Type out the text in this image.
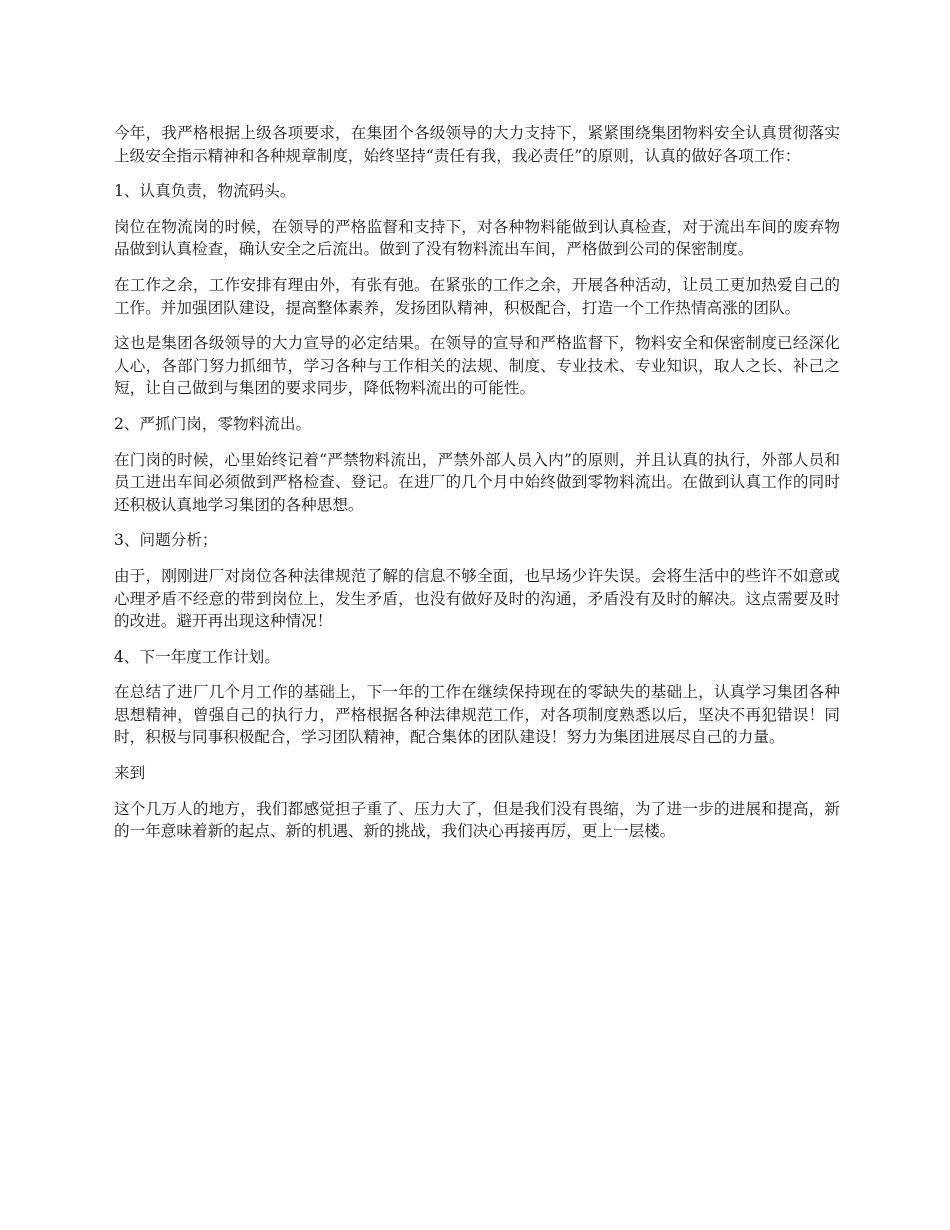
今年，我严格根据上级各项要求，在集团个各级领导的大力支持下，紧紧围绕集团物料安全认真贯彻落实上级安全指示精神和各种规章制度，始终坚持“责任有我，我必责任”的原则，认真的做好各项工作：

1、认真负责，物流码头。

岗位在物流岗的时候，在领导的严格监督和支持下，对各种物料能做到认真检查，对于流出车间的废弃物品做到认真检查，确认安全之后流出。做到了没有物料流出车间，严格做到公司的保密制度。

在工作之余，工作安排有理由外，有张有弛。在紧张的工作之余，开展各种活动，让员工更加热爱自己的工作。并加强团队建设，提高整体素养，发扬团队精神，积极配合，打造一个工作热情高涨的团队。

这也是集团各级领导的大力宣导的必定结果。在领导的宣导和严格监督下，物料安全和保密制度已经深化人心，各部门努力抓细节，学习各种与工作相关的法规、制度、专业技术、专业知识，取人之长、补己之短，让自己做到与集团的要求同步，降低物料流出的可能性。

2、严抓门岗，零物料流出。

在门岗的时候，心里始终记着“严禁物料流出，严禁外部人员入内”的原则，并且认真的执行，外部人员和员工进出车间必须做到严格检查、登记。在进厂的几个月中始终做到零物料流出。在做到认真工作的同时还积极认真地学习集团的各种思想。

3、问题分析；

由于，刚刚进厂对岗位各种法律规范了解的信息不够全面，也早场少许失误。会将生活中的些许不如意或心理矛盾不经意的带到岗位上，发生矛盾，也没有做好及时的沟通，矛盾没有及时的解决。这点需要及时的改进。避开再出现这种情况！

4、下一年度工作计划。

在总结了进厂几个月工作的基础上，下一年的工作在继续保持现在的零缺失的基础上，认真学习集团各种思想精神，曾强自己的执行力，严格根据各种法律规范工作，对各项制度熟悉以后，坚决不再犯错误！同时，积极与同事积极配合，学习团队精神，配合集体的团队建设！努力为集团进展尽自己的力量。

来到

这个几万人的地方，我们都感觉担子重了、压力大了，但是我们没有畏缩，为了进一步的进展和提高，新的一年意味着新的起点、新的机遇、新的挑战，我们决心再接再厉，更上一层楼。
